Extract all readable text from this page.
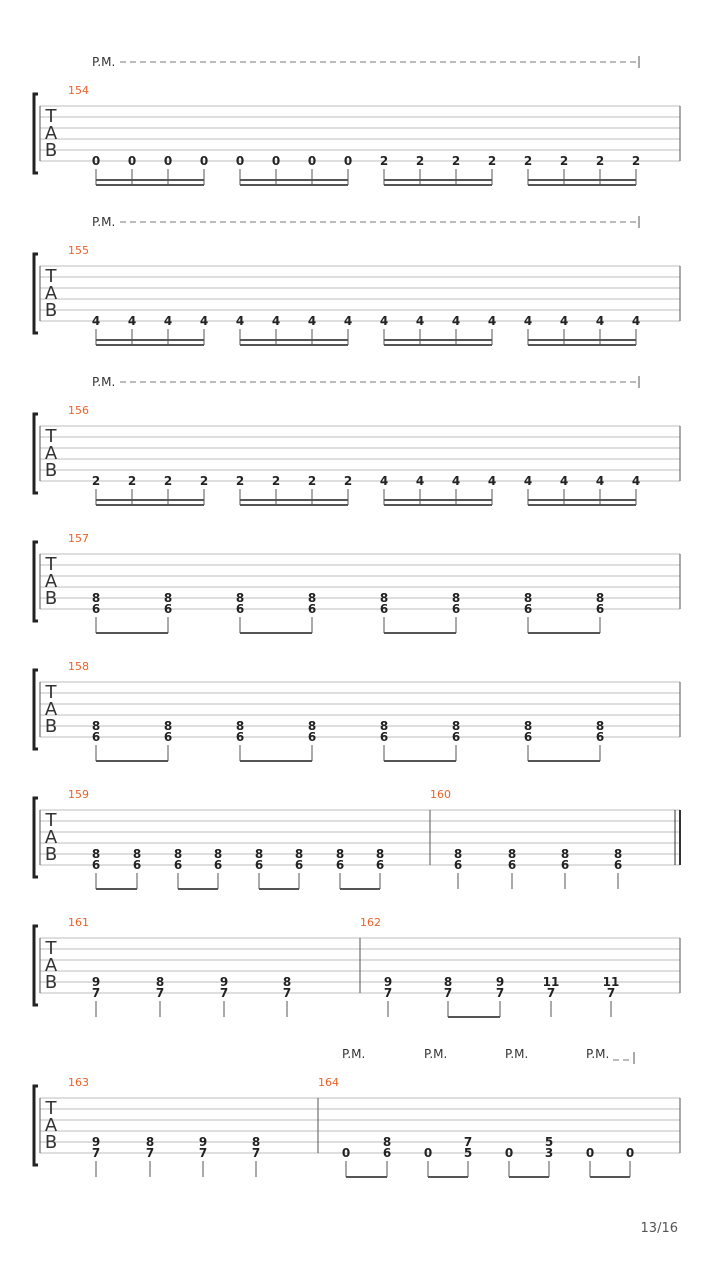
T
A
B
P.M.
154
0 0 0 0 0 0 0 0 2 2 2 2 2 2 2 2
T
A
B
P.M.
155
4 4 4 4 4 4 4 4 4 4 4 4 4 4 4 4
T
A
B
P.M.
156
2 2 2 2 2 2 2 2 4 4 4 4 4 4 4 4
T
A
B
157
8
6
8
6
8
6
8
6
8
6
8
6
8
6
8
6
T
A
B
158
8
6
8
6
8
6
8
6
8
6
8
6
8
6
8
6
T
A
B
159
8
6
8
6
8
6
8
6
8
6
8
6
8
6
8
6
160
8
6
8
6
8
6
8
6
T
A
B
161
9
7
8
7
9
7
8
7
162
9
7
8
7
9
7
11
7
11
7
T
A
B
P.M.	P.M.	P.M.	P.M.
163
9
7
8
7
9
7
8
7
164
0
8
6	0
7
5	0
5
3	0	0
13/16
